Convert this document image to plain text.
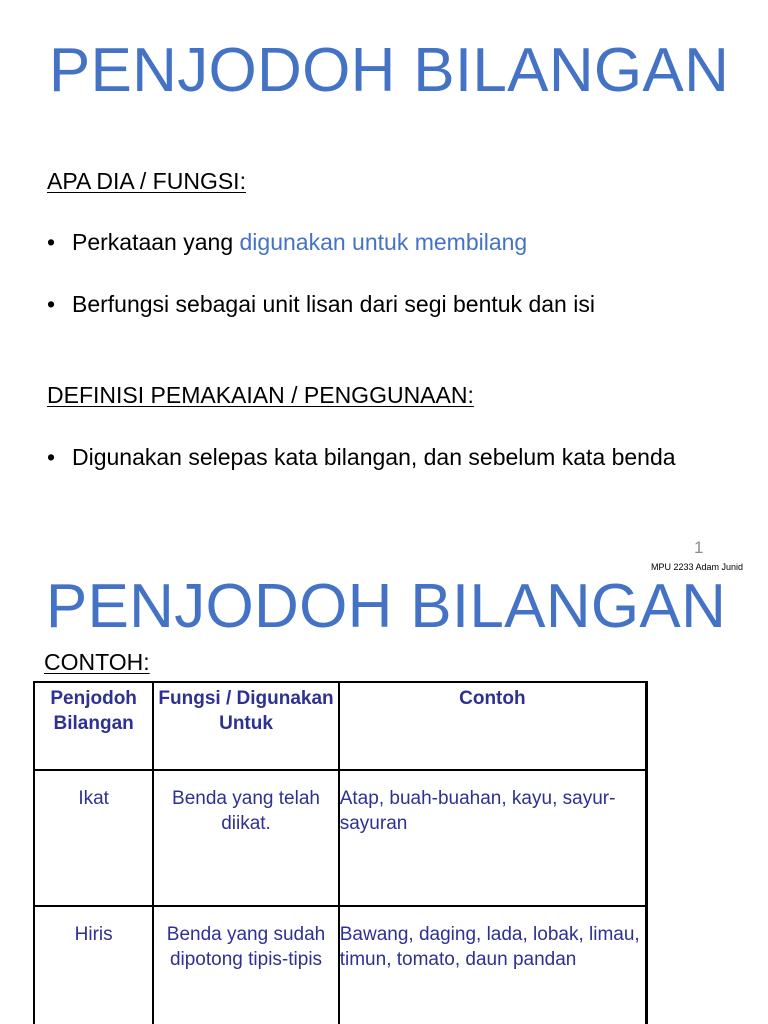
PENJODOH BILANGAN
APA DIA / FUNGSI:
• Perkataan yang digunakan untuk membilang
• Berfungsi sebagai unit lisan dari segi bentuk dan isi
DEFINISI PEMAKAIAN / PENGGUNAAN:
• Digunakan selepas kata bilangan, dan sebelum kata benda
1
MPU 2233 Adam Junid
PENJODOH BILANGAN
CONTOH:
Penjodoh Bilangan	Fungsi / Digunakan Untuk	Contoh
Ikat	Benda yang telah diikat.	Atap, buah-buahan, kayu, sayur-sayuran
Hiris	Benda yang sudah dipotong tipis-tipis	Bawang, daging, lada, lobak, limau, timun, tomato, daun pandan
